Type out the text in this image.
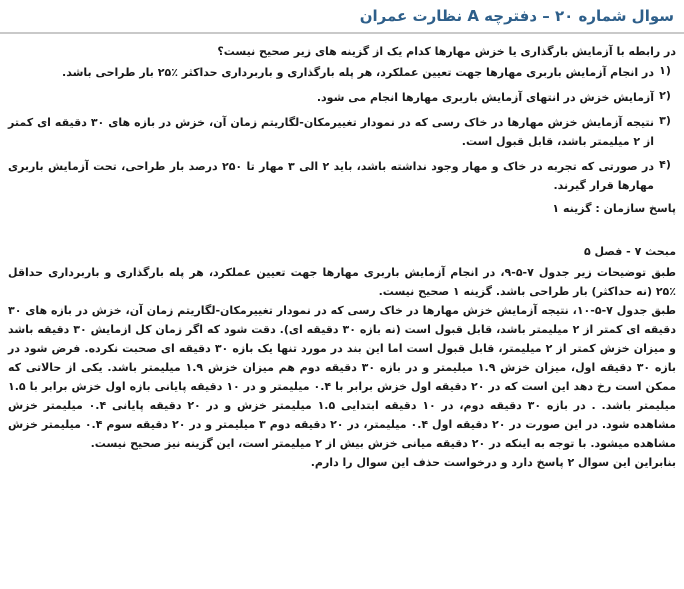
سوال شماره ۲۰ – دفترچه A نظارت عمران
در رابطه با آزمایش بارگذاری یا خزش مهارها کدام یک از گزینه های زیر صحیح نیست؟
(۱
در انجام آزمایش باربری مهارها جهت تعیین عملکرد، هر پله بارگذاری و باربرداری حداکثر ٪۲۵ بار طراحی باشد.
(۲
آزمایش خزش در انتهای آزمایش باربری مهارها انجام می شود.
(۳
نتیجه آزمایش خزش مهارها در خاک رسی که در نمودار تغییرمکان-لگاریتم زمان آن، خزش در بازه های ۳۰ دقیقه ای کمتر از ۲ میلیمتر باشد، قابل قبول است.
(۴
در صورتی که تجربه در خاک و مهار وجود نداشته باشد، باید ۲ الی ۳ مهار تا ۲۵۰ درصد بار طراحی، تحت آزمایش باربری مهارها قرار گیرند.
پاسخ سازمان : گزینه ۱
مبحث ۷ - فصل ۵
طبق توضیحات زیر جدول ۷-۵-۹، در انجام آزمایش باربری مهارها جهت تعیین عملکرد، هر پله بارگذاری و باربرداری حداقل ٪۲۵ (نه حداکثر) بار طراحی باشد. گزینه ۱ صحیح نیست.
طبق جدول ۷-۵-۱۰، نتیجه آزمایش خزش مهارها در خاک رسی که در نمودار تغییرمکان-لگاریتم زمان آن، خزش در بازه های ۳۰ دقیقه ای کمتر از ۲ میلیمتر باشد، قابل قبول است (نه بازه ۳۰ دقیقه ای). دقت شود که اگر زمان کل ازمایش ۳۰ دقیقه باشد و میزان خزش کمتر از ۲ میلیمتر، قابل قبول است اما این بند در مورد تنها یک بازه ۳۰ دقیقه ای صحبت نکرده. فرض شود در بازه ۳۰ دقیقه اول، میزان خزش ۱.۹ میلیمتر و در بازه ۳۰ دقیقه دوم هم میزان خزش ۱.۹ میلیمتر باشد. یکی از حالاتی که ممکن است رخ دهد این است که در ۲۰ دقیقه اول خزش برابر با ۰.۴ میلیمتر و در ۱۰ دقیقه پایانی بازه اول خزش برابر با ۱.۵ میلیمتر باشد. . در بازه ۳۰ دقیقه دوم، در ۱۰ دقیقه ابتدایی ۱.۵ میلیمتر خزش و در ۲۰ دقیقه پایانی ۰.۴ میلیمتر خزش مشاهده شود. در این صورت در ۲۰ دقیقه اول ۰.۴ میلیمتر، در ۲۰ دقیقه دوم ۳ میلیمتر و در ۲۰ دقیقه سوم ۰.۴ میلیمتر خزش مشاهده میشود. با توجه به اینکه در ۲۰ دقیقه میانی خزش بیش از ۲ میلیمتر است، این گزینه نیز صحیح نیست.
بنابراین این سوال ۲ پاسخ دارد و درخواست حذف این سوال را دارم.
